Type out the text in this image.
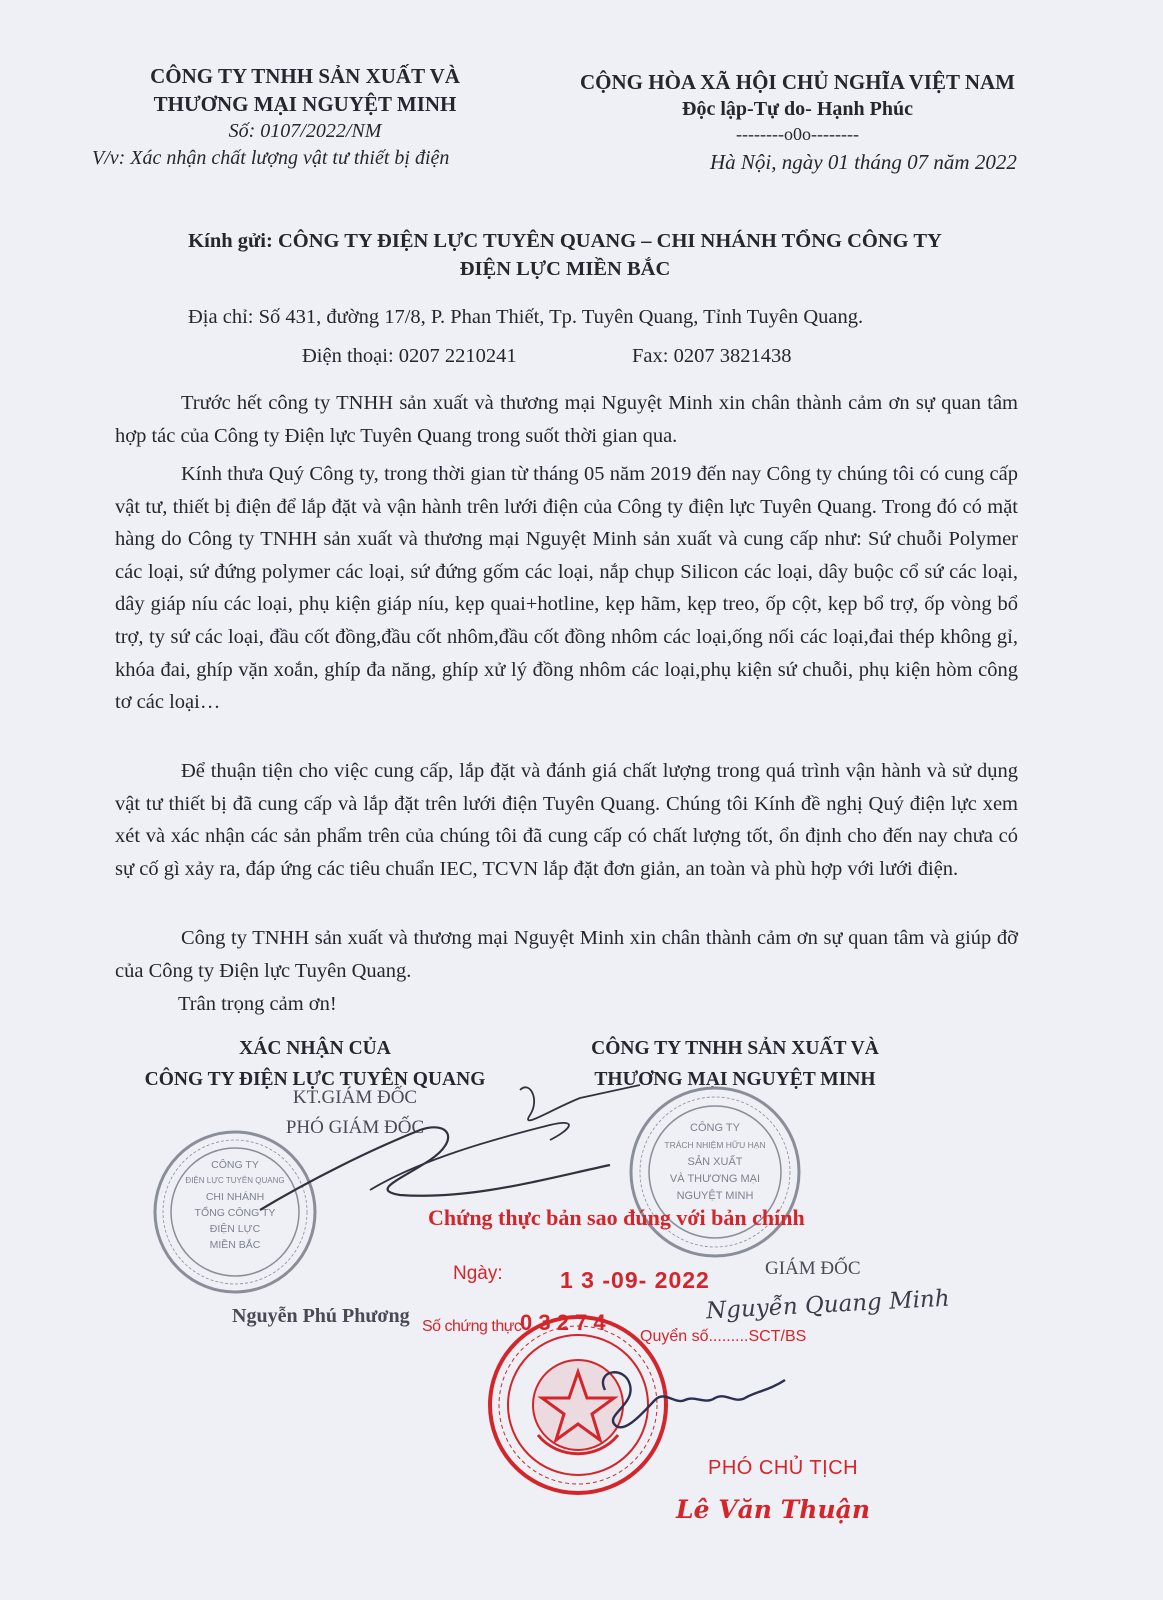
CÔNG TY TNHH SẢN XUẤT VÀ
THƯƠNG MẠI NGUYỆT MINH
Số: 0107/2022/NM
V/v: Xác nhận chất lượng vật tư thiết bị điện
CỘNG HÒA XÃ HỘI CHỦ NGHĨA VIỆT NAM
Độc lập-Tự do- Hạnh Phúc
--------o0o--------
Hà Nội, ngày 01 tháng 07 năm 2022
Kính gửi: CÔNG TY ĐIỆN LỰC TUYÊN QUANG – CHI NHÁNH TỔNG CÔNG TY
ĐIỆN LỰC MIỀN BẮC
Địa chỉ: Số 431, đường 17/8, P. Phan Thiết, Tp. Tuyên Quang, Tỉnh Tuyên Quang.
Điện thoại: 0207 2210241	Fax: 0207 3821438
Trước hết công ty TNHH sản xuất và thương mại Nguyệt Minh xin chân thành cảm ơn sự quan tâm hợp tác của Công ty Điện lực Tuyên Quang trong suốt thời gian qua.
Kính thưa Quý Công ty, trong thời gian từ tháng 05 năm 2019 đến nay Công ty chúng tôi có cung cấp vật tư, thiết bị điện để lắp đặt và vận hành trên lưới điện của Công ty điện lực Tuyên Quang. Trong đó có mặt hàng do Công ty TNHH sản xuất và thương mại Nguyệt Minh sản xuất và cung cấp như: Sứ chuỗi Polymer các loại, sứ đứng polymer các loại, sứ đứng gốm các loại, nắp chụp Silicon các loại, dây buộc cổ sứ các loại, dây giáp níu các loại, phụ kiện giáp níu, kẹp quai+hotline, kẹp hãm, kẹp treo, ốp cột, kẹp bổ trợ, ốp vòng bổ trợ, ty sứ các loại, đầu cốt đồng,đầu cốt nhôm,đầu cốt đồng nhôm các loại,ống nối các loại,đai thép không gỉ, khóa đai, ghíp vặn xoắn, ghíp đa năng, ghíp xử lý đồng nhôm các loại,phụ kiện sứ chuỗi, phụ kiện hòm công tơ các loại…
Để thuận tiện cho việc cung cấp, lắp đặt và đánh giá chất lượng trong quá trình vận hành và sử dụng vật tư thiết bị đã cung cấp và lắp đặt trên lưới điện Tuyên Quang. Chúng tôi Kính đề nghị Quý điện lực xem xét và xác nhận các sản phẩm trên của chúng tôi đã cung cấp có chất lượng tốt, ổn định cho đến nay chưa có sự cố gì xảy ra, đáp ứng các tiêu chuẩn IEC, TCVN lắp đặt đơn giản, an toàn và phù hợp với lưới điện.
Công ty TNHH sản xuất và thương mại Nguyệt Minh xin chân thành cảm ơn sự quan tâm và giúp đỡ của Công ty Điện lực Tuyên Quang.
Trân trọng cảm ơn!
XÁC NHẬN CỦA
CÔNG TY ĐIỆN LỰC TUYÊN QUANG
CÔNG TY TNHH SẢN XUẤT VÀ
THƯƠNG MẠI NGUYỆT MINH
KT.GIÁM ĐỐC
PHÓ GIÁM ĐỐC
CÔNG TY
ĐIỆN LỰC TUYÊN QUANG
CHI NHÁNH
TỔNG CÔNG TY
ĐIỆN LỰC
MIỀN BẮC
CÔNG TY
TRÁCH NHIỆM HỮU HẠN
SẢN XUẤT
VÀ THƯƠNG MẠI
NGUYỆT MINH
Nguyễn Phú Phương
GIÁM ĐỐC
Nguyễn Quang Minh
Chứng thực bản sao đúng với bản chính
Ngày: 1 3 -09- 2022
Số chứng thực
0 3 2 7 4
Quyển số.........SCT/BS
PHÓ CHỦ TỊCH
Lê Văn Thuận
